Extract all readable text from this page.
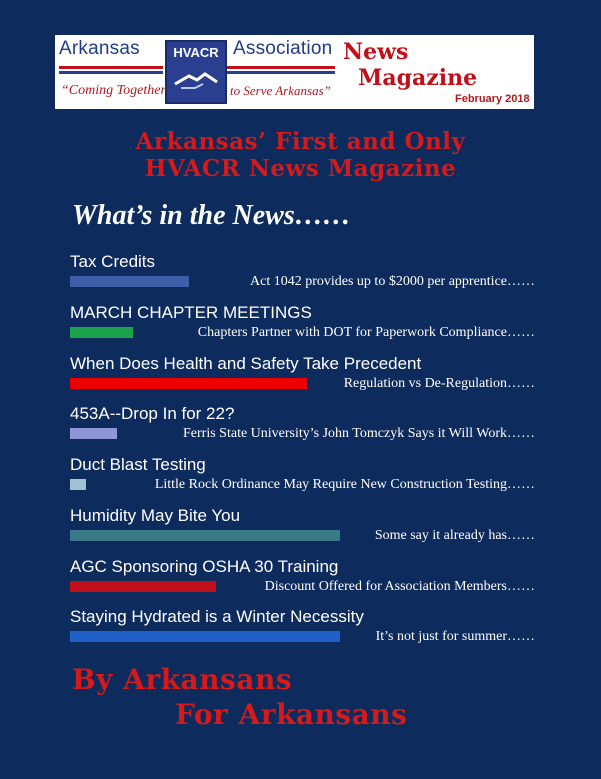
Arkansas	HVACR Association
“Coming Together	to Serve Arkansas”
News
Magazine
February 2018
Arkansas’ First and Only
HVACR News Magazine
What’s in the News……
Tax Credits
Act 1042 provides up to $2000 per apprentice……
MARCH CHAPTER MEETINGS
Chapters Partner with DOT for Paperwork Compliance……
When Does Health and Safety Take Precedent
Regulation vs De-Regulation……
453A--Drop In for 22?
Ferris State University’s John Tomczyk Says it Will Work……
Duct Blast Testing
Little Rock Ordinance May Require New Construction Testing……
Humidity May Bite You
Some say it already has……
AGC Sponsoring OSHA 30 Training
Discount Offered for Association Members……
Staying Hydrated is a Winter Necessity
It’s not just for summer……
By Arkansans
For Arkansans
